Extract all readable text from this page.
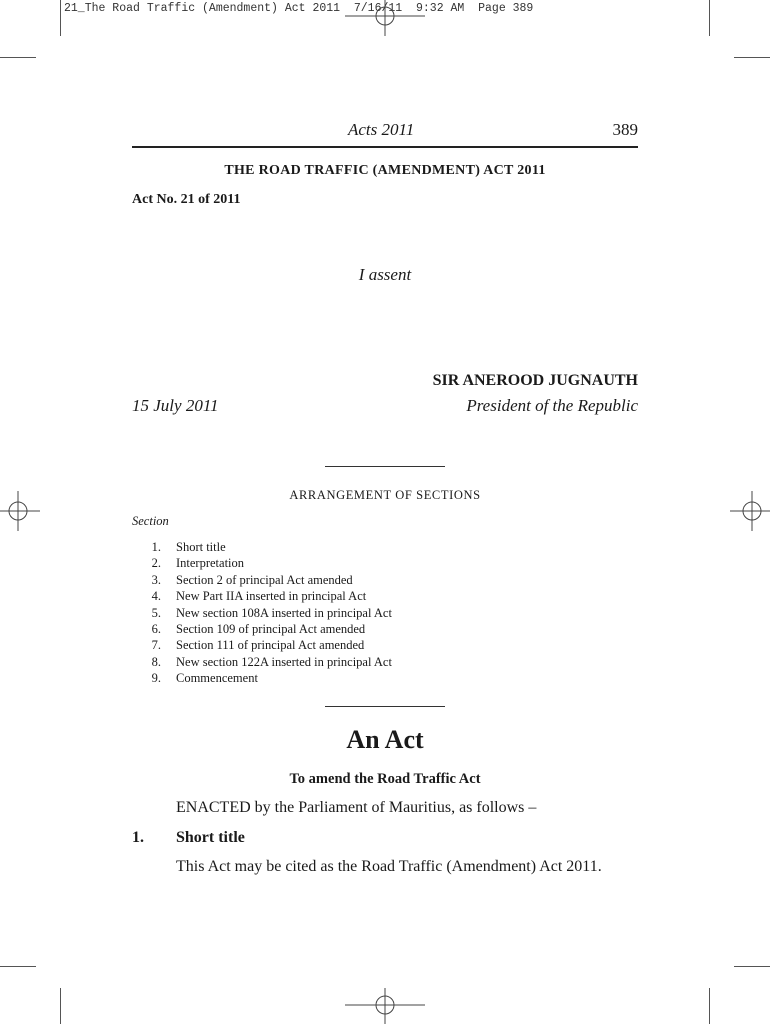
21_The Road Traffic (Amendment) Act 2011 7/16/11 9:32 AM Page 389
Acts 2011	389
THE ROAD TRAFFIC (AMENDMENT) ACT 2011
Act No. 21 of 2011
I assent
SIR ANEROOD JUGNAUTH
15 July 2011	President of the Republic
ARRANGEMENT OF SECTIONS
Section
1. Short title
2. Interpretation
3. Section 2 of principal Act amended
4. New Part IIA inserted in principal Act
5. New section 108A inserted in principal Act
6. Section 109 of principal Act amended
7. Section 111 of principal Act amended
8. New section 122A inserted in principal Act
9. Commencement
An Act
To amend the Road Traffic Act
ENACTED by the Parliament of Mauritius, as follows –
1. Short title
This Act may be cited as the Road Traffic (Amendment) Act 2011.
